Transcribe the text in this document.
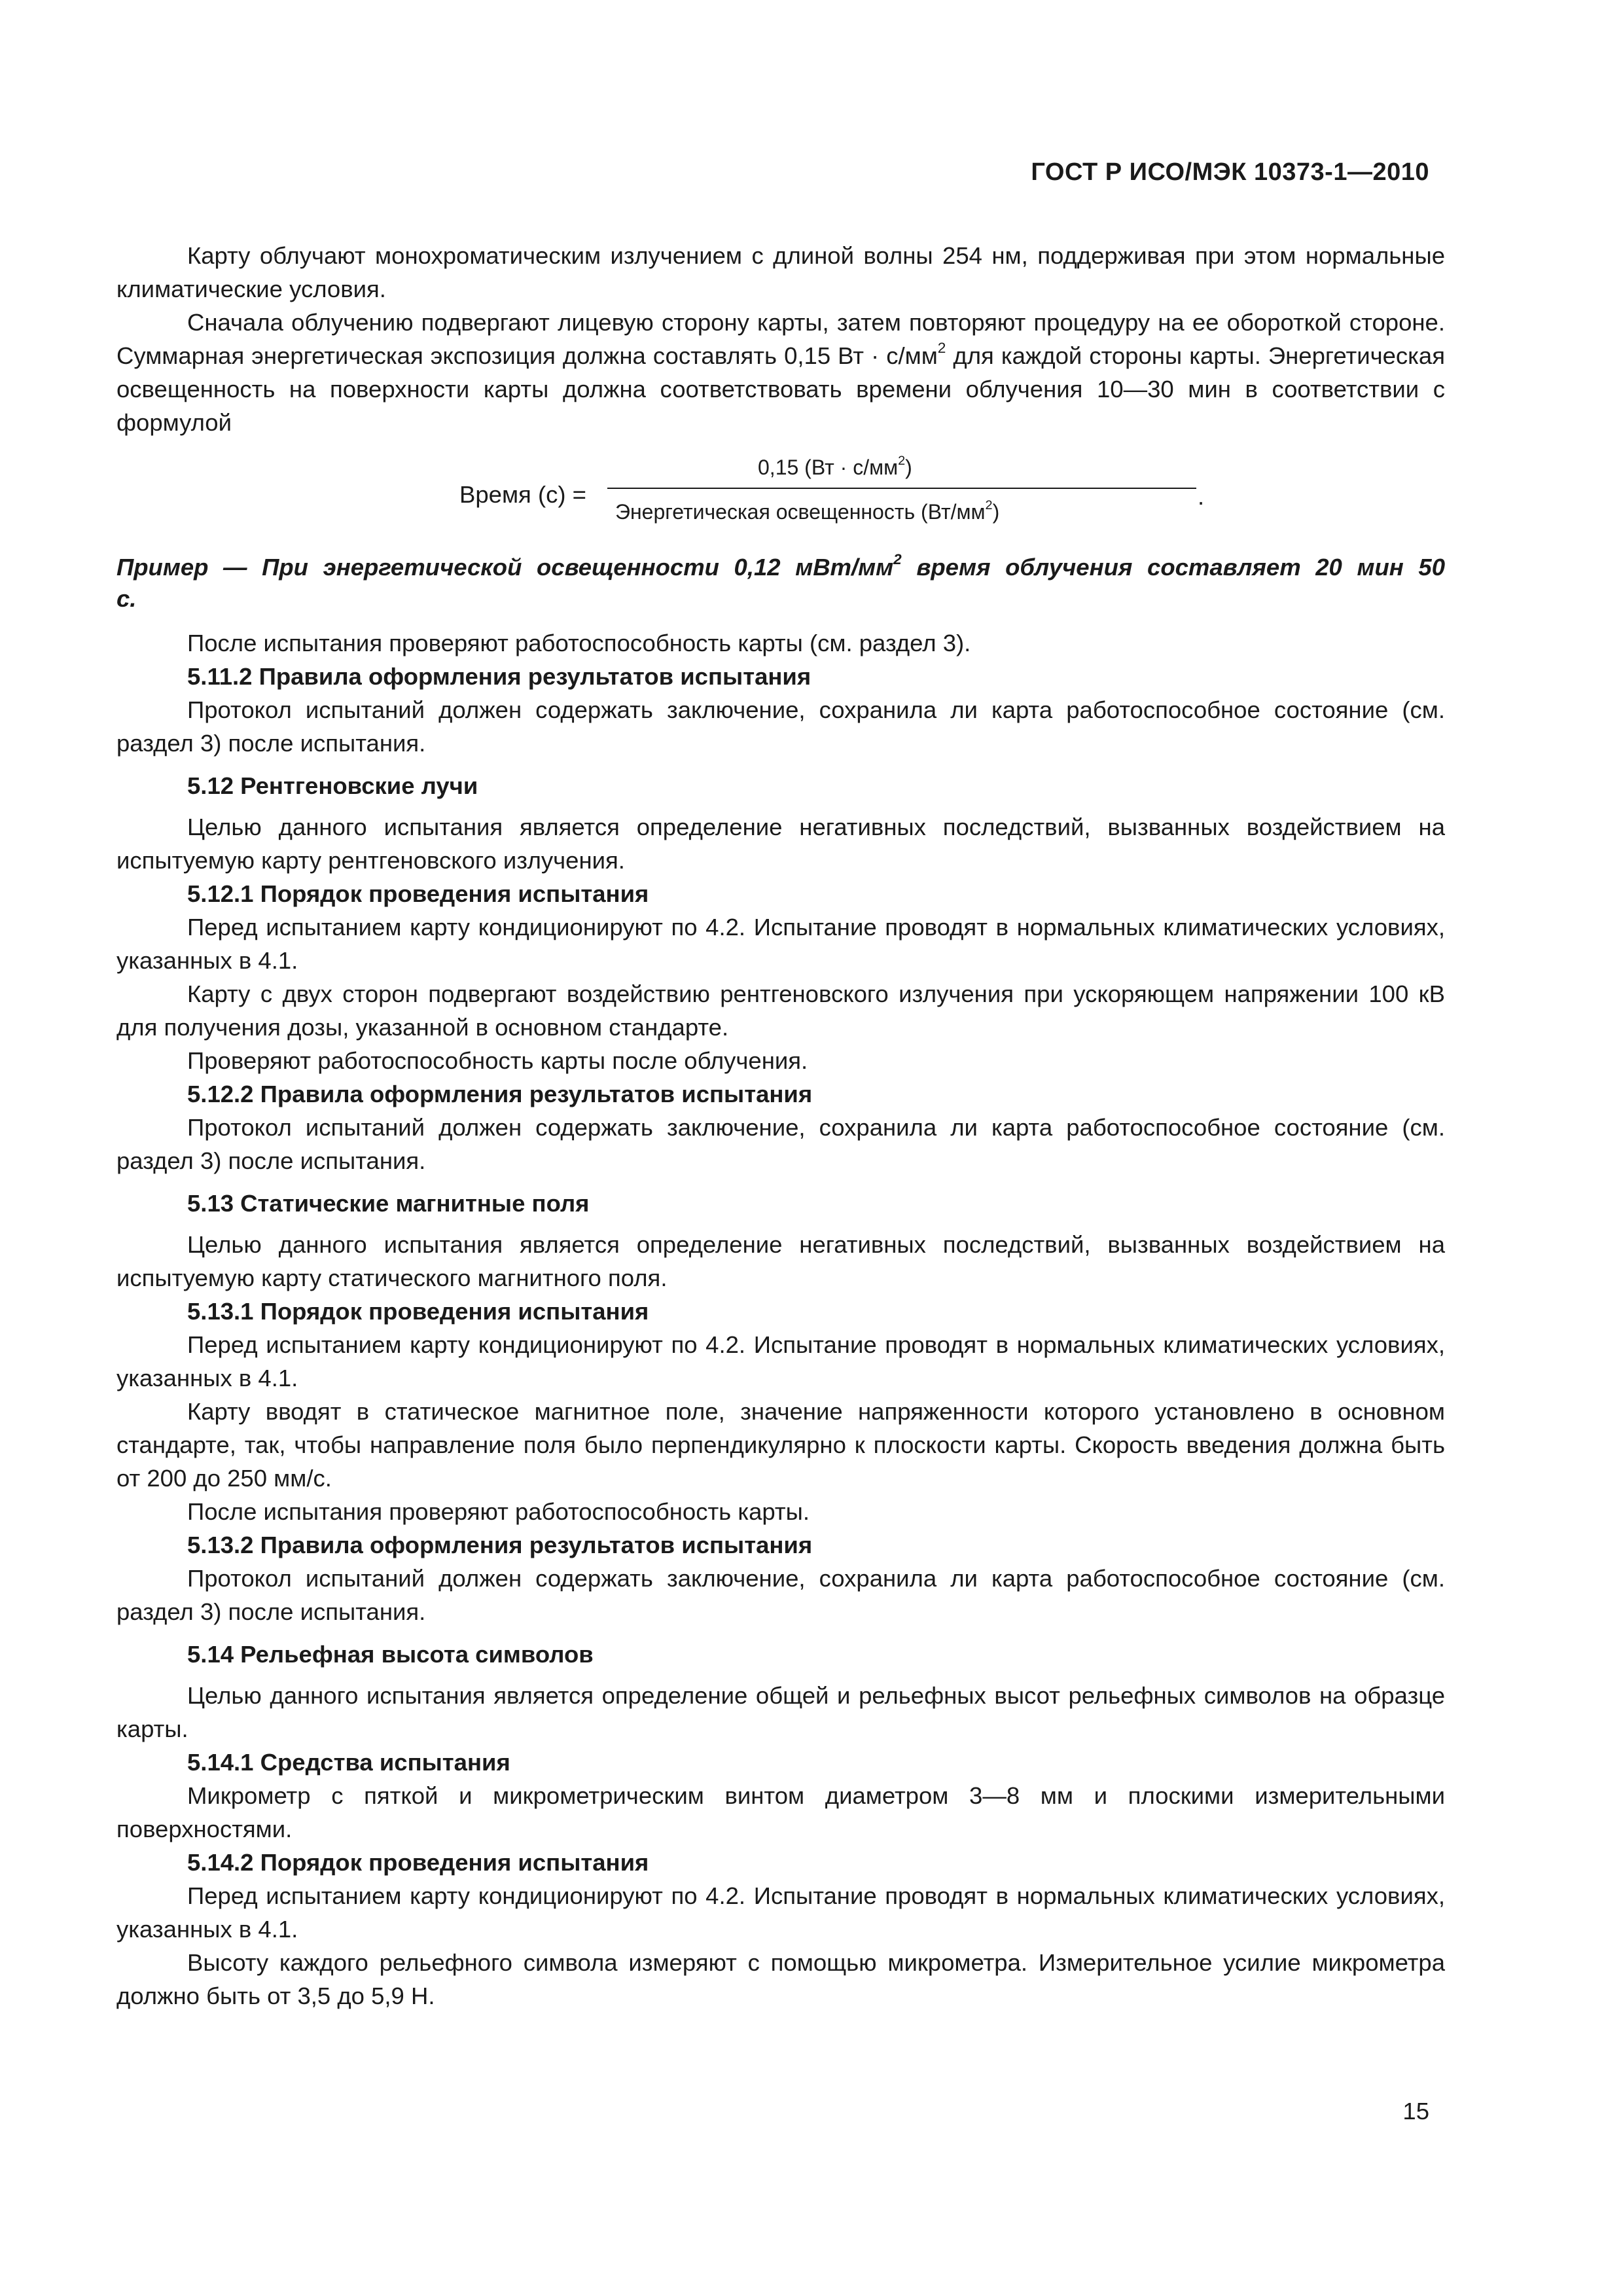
ГОСТ Р ИСО/МЭК 10373-1—2010

Карту облучают монохроматическим излучением с длиной волны 254 нм, поддерживая при этом нормальные климатические условия.

Сначала облучению подвергают лицевую сторону карты, затем повторяют процедуру на ее обороткой стороне. Суммарная энергетическая экспозиция должна составлять 0,15 Вт · $с/мм^2$ для каждой стороны карты. Энергетическая освещенность на поверхности карты должна соответствовать времени облучения 10—30 мин в соответствии с формулой

Время (с) =
0,15 $(Вт \cdot с/мм^2)$
Энергетическая освещенность $(Вт/мм^2)$
.

Пример — При энергетической освещенности 0,12 мВт/$мм^2$ время облучения составляет 20 мин 50 с.

После испытания проверяют работоспособность карты (см. раздел 3).

5.11.2 Правила оформления результатов испытания

Протокол испытаний должен содержать заключение, сохранила ли карта работоспособное состояние (см. раздел 3) после испытания.

5.12 Рентгеновские лучи

Целью данного испытания является определение негативных последствий, вызванных воздействием на испытуемую карту рентгеновского излучения.

5.12.1 Порядок проведения испытания

Перед испытанием карту кондиционируют по 4.2. Испытание проводят в нормальных климатических условиях, указанных в 4.1.

Карту с двух сторон подвергают воздействию рентгеновского излучения при ускоряющем напряжении 100 кВ для получения дозы, указанной в основном стандарте.

Проверяют работоспособность карты после облучения.

5.12.2 Правила оформления результатов испытания

Протокол испытаний должен содержать заключение, сохранила ли карта работоспособное состояние (см. раздел 3) после испытания.

5.13 Статические магнитные поля

Целью данного испытания является определение негативных последствий, вызванных воздействием на испытуемую карту статического магнитного поля.

5.13.1 Порядок проведения испытания

Перед испытанием карту кондиционируют по 4.2. Испытание проводят в нормальных климатических условиях, указанных в 4.1.

Карту вводят в статическое магнитное поле, значение напряженности которого установлено в основном стандарте, так, чтобы направление поля было перпендикулярно к плоскости карты. Скорость введения должна быть от 200 до 250 мм/с.

После испытания проверяют работоспособность карты.

5.13.2 Правила оформления результатов испытания

Протокол испытаний должен содержать заключение, сохранила ли карта работоспособное состояние (см. раздел 3) после испытания.

5.14 Рельефная высота символов

Целью данного испытания является определение общей и рельефных высот рельефных символов на образце карты.

5.14.1 Средства испытания

Микрометр с пяткой и микрометрическим винтом диаметром 3—8 мм и плоскими измерительными поверхностями.

5.14.2 Порядок проведения испытания

Перед испытанием карту кондиционируют по 4.2. Испытание проводят в нормальных климатических условиях, указанных в 4.1.

Высоту каждого рельефного символа измеряют с помощью микрометра. Измерительное усилие микрометра должно быть от 3,5 до 5,9 Н.

15
